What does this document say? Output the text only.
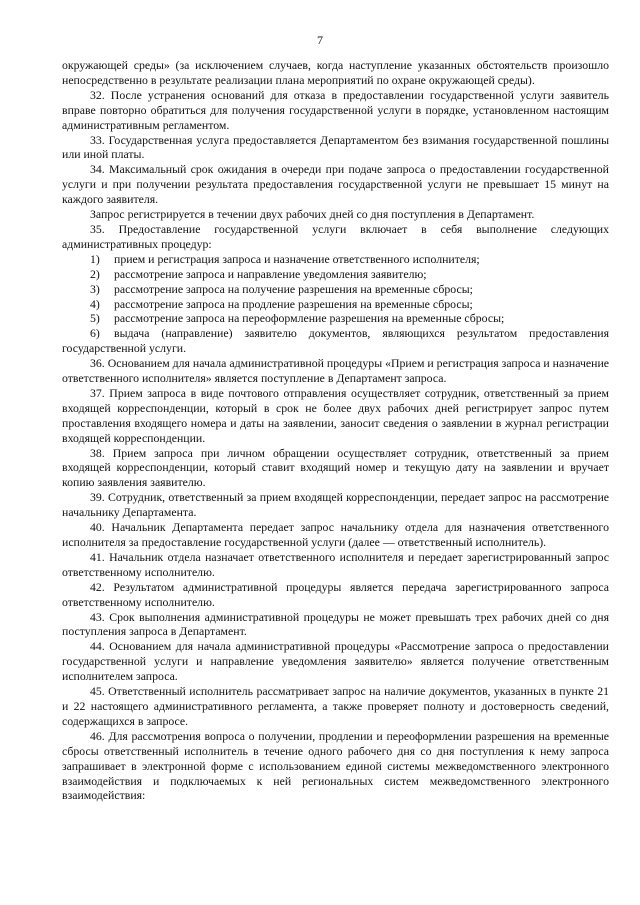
7

окружающей среды» (за исключением случаев, когда наступление указанных обстоятельств произошло непосредственно в результате реализации плана мероприятий по охране окружающей среды).

32. После устранения оснований для отказа в предоставлении государственной услуги заявитель вправе повторно обратиться для получения государственной услуги в порядке, установленном настоящим административным регламентом.

33. Государственная услуга предоставляется Департаментом без взимания государственной пошлины или иной платы.

34. Максимальный срок ожидания в очереди при подаче запроса о предоставлении государственной услуги и при получении результата предоставления государственной услуги не превышает 15 минут на каждого заявителя.

Запрос регистрируется в течении двух рабочих дней со дня поступления в Департамент.

35. Предоставление государственной услуги включает в себя выполнение следующих административных процедур:

1) прием и регистрация запроса и назначение ответственного исполнителя;

2) рассмотрение запроса и направление уведомления заявителю;

3) рассмотрение запроса на получение разрешения на временные сбросы;

4) рассмотрение запроса на продление разрешения на временные сбросы;

5) рассмотрение запроса на переоформление разрешения на временные сбросы;

6) выдача (направление) заявителю документов, являющихся результатом предоставления государственной услуги.

36. Основанием для начала административной процедуры «Прием и регистрация запроса и назначение ответственного исполнителя» является поступление в Департамент запроса.

37. Прием запроса в виде почтового отправления осуществляет сотрудник, ответственный за прием входящей корреспонденции, который в срок не более двух рабочих дней регистрирует запрос путем проставления входящего номера и даты на заявлении, заносит сведения о заявлении в журнал регистрации входящей корреспонденции.

38. Прием запроса при личном обращении осуществляет сотрудник, ответственный за прием входящей корреспонденции, который ставит входящий номер и текущую дату на заявлении и вручает копию заявления заявителю.

39. Сотрудник, ответственный за прием входящей корреспонденции, передает запрос на рассмотрение начальнику Департамента.

40. Начальник Департамента передает запрос начальнику отдела для назначения ответственного исполнителя за предоставление государственной услуги (далее — ответственный исполнитель).

41. Начальник отдела назначает ответственного исполнителя и передает зарегистрированный запрос ответственному исполнителю.

42. Результатом административной процедуры является передача зарегистрированного запроса ответственному исполнителю.

43. Срок выполнения административной процедуры не может превышать трех рабочих дней со дня поступления запроса в Департамент.

44. Основанием для начала административной процедуры «Рассмотрение запроса о предоставлении государственной услуги и направление уведомления заявителю» является получение ответственным исполнителем запроса.

45. Ответственный исполнитель рассматривает запрос на наличие документов, указанных в пункте 21 и 22 настоящего административного регламента, а также проверяет полноту и достоверность сведений, содержащихся в запросе.

46. Для рассмотрения вопроса о получении, продлении и переоформлении разрешения на временные сбросы ответственный исполнитель в течение одного рабочего дня со дня поступления к нему запроса запрашивает в электронной форме с использованием единой системы межведомственного электронного взаимодействия и подключаемых к ней региональных систем межведомственного электронного взаимодействия:
